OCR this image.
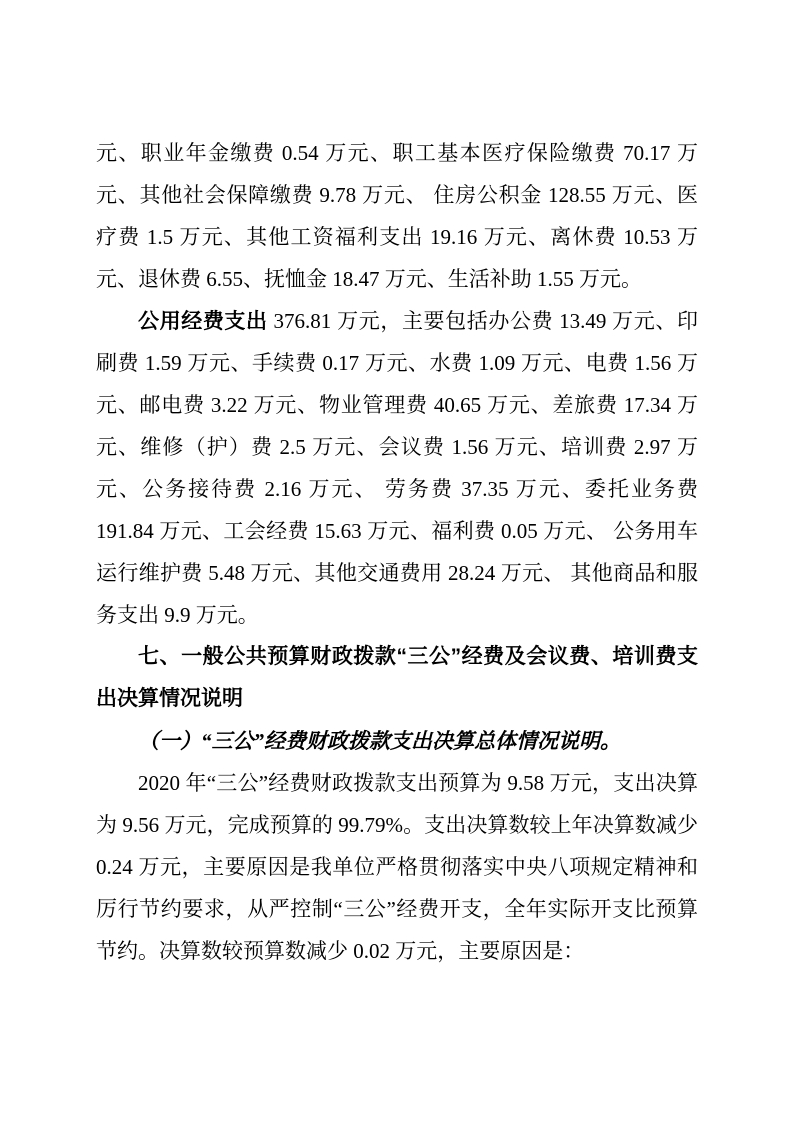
元、职业年金缴费 0.54 万元、职工基本医疗保险缴费 70.17 万元、其他社会保障缴费 9.78 万元、 住房公积金 128.55 万元、医疗费 1.5 万元、其他工资福利支出 19.16 万元、离休费 10.53 万元、退休费 6.55、抚恤金 18.47 万元、生活补助 1.55 万元。

公用经费支出 376.81 万元，主要包括办公费 13.49 万元、印刷费 1.59 万元、手续费 0.17 万元、水费 1.09 万元、电费 1.56 万元、邮电费 3.22 万元、物业管理费 40.65 万元、差旅费 17.34 万元、维修（护）费 2.5 万元、会议费 1.56 万元、培训费 2.97 万元、公务接待费 2.16 万元、 劳务费 37.35 万元、委托业务费 191.84 万元、工会经费 15.63 万元、福利费 0.05 万元、 公务用车运行维护费 5.48 万元、其他交通费用 28.24 万元、 其他商品和服务支出 9.9 万元。

七、一般公共预算财政拨款“三公”经费及会议费、培训费支出决算情况说明
（一）“三公”经费财政拨款支出决算总体情况说明。

2020 年“三公”经费财政拨款支出预算为 9.58 万元，支出决算为 9.56 万元，完成预算的 99.79%。支出决算数较上年决算数减少 0.24 万元，主要原因是我单位严格贯彻落实中央八项规定精神和厉行节约要求，从严控制“三公”经费开支，全年实际开支比预算节约。决算数较预算数减少 0.02 万元，主要原因是：
